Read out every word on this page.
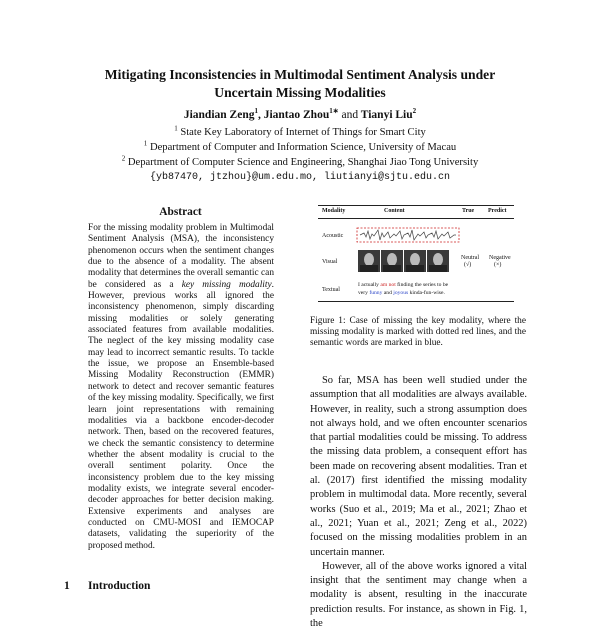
Mitigating Inconsistencies in Multimodal Sentiment Analysis under
Uncertain Missing Modalities
Jiandian Zeng$^1$, Jiantao Zhou$^{1∗}$ and Tianyi Liu$^2$
$^1$ State Key Laboratory of Internet of Things for Smart City
$^1$ Department of Computer and Information Science, University of Macau
$^2$ Department of Computer Science and Engineering, Shanghai Jiao Tong University
{yb87470, jtzhou}@um.edu.mo, liutianyi@sjtu.edu.cn
Abstract

For the missing modality problem in Multimodal Sentiment Analysis (MSA), the inconsistency phenomenon occurs when the sentiment changes due to the absence of a modality. The absent modality that determines the overall semantic can be considered as a key missing modality. However, previous works all ignored the inconsistency phenomenon, simply discarding missing modalities or solely generating associated features from available modalities. The neglect of the key missing modality case may lead to incorrect semantic results. To tackle the issue, we propose an Ensemble-based Missing Modality Reconstruction (EMMR) network to detect and recover semantic features of the key missing modality. Specifically, we first learn joint representations with remaining modalities via a backbone encoder-decoder network. Then, based on the recovered features, we check the semantic consistency to determine whether the absent modality is crucial to the overall sentiment polarity. Once the inconsistency problem due to the key missing modality exists, we integrate several encoder-decoder approaches for better decision making. Extensive experiments and analyses are conducted on CMU-MOSI and IEMOCAP datasets, validating the superiority of the proposed method.

1 Introduction
Modality	Content	True Predict
Acoustic
Visual
Neutral
(√)
Negative
(×)
Textual
I actually am not finding the series to be
very funny and joyous kinda-fun-wise.

Figure 1: Case of missing the key modality, where the missing modality is marked with dotted red lines, and the semantic words are marked in blue.

So far, MSA has been well studied under the assumption that all modalities are always available. However, in reality, such a strong assumption does not always hold, and we often encounter scenarios that partial modalities could be missing. To address the missing data problem, a consequent effort has been made on recovering absent modalities. Tran et al. (2017) first identified the missing modality problem in multimodal data. More recently, several works (Suo et al., 2019; Ma et al., 2021; Zhao et al., 2021; Yuan et al., 2021; Zeng et al., 2022) focused on the missing modalities problem in an uncertain manner.

However, all of the above works ignored a vital insight that the sentiment may change when a modality is absent, resulting in the inaccurate prediction results. For instance, as shown in Fig. 1, the
